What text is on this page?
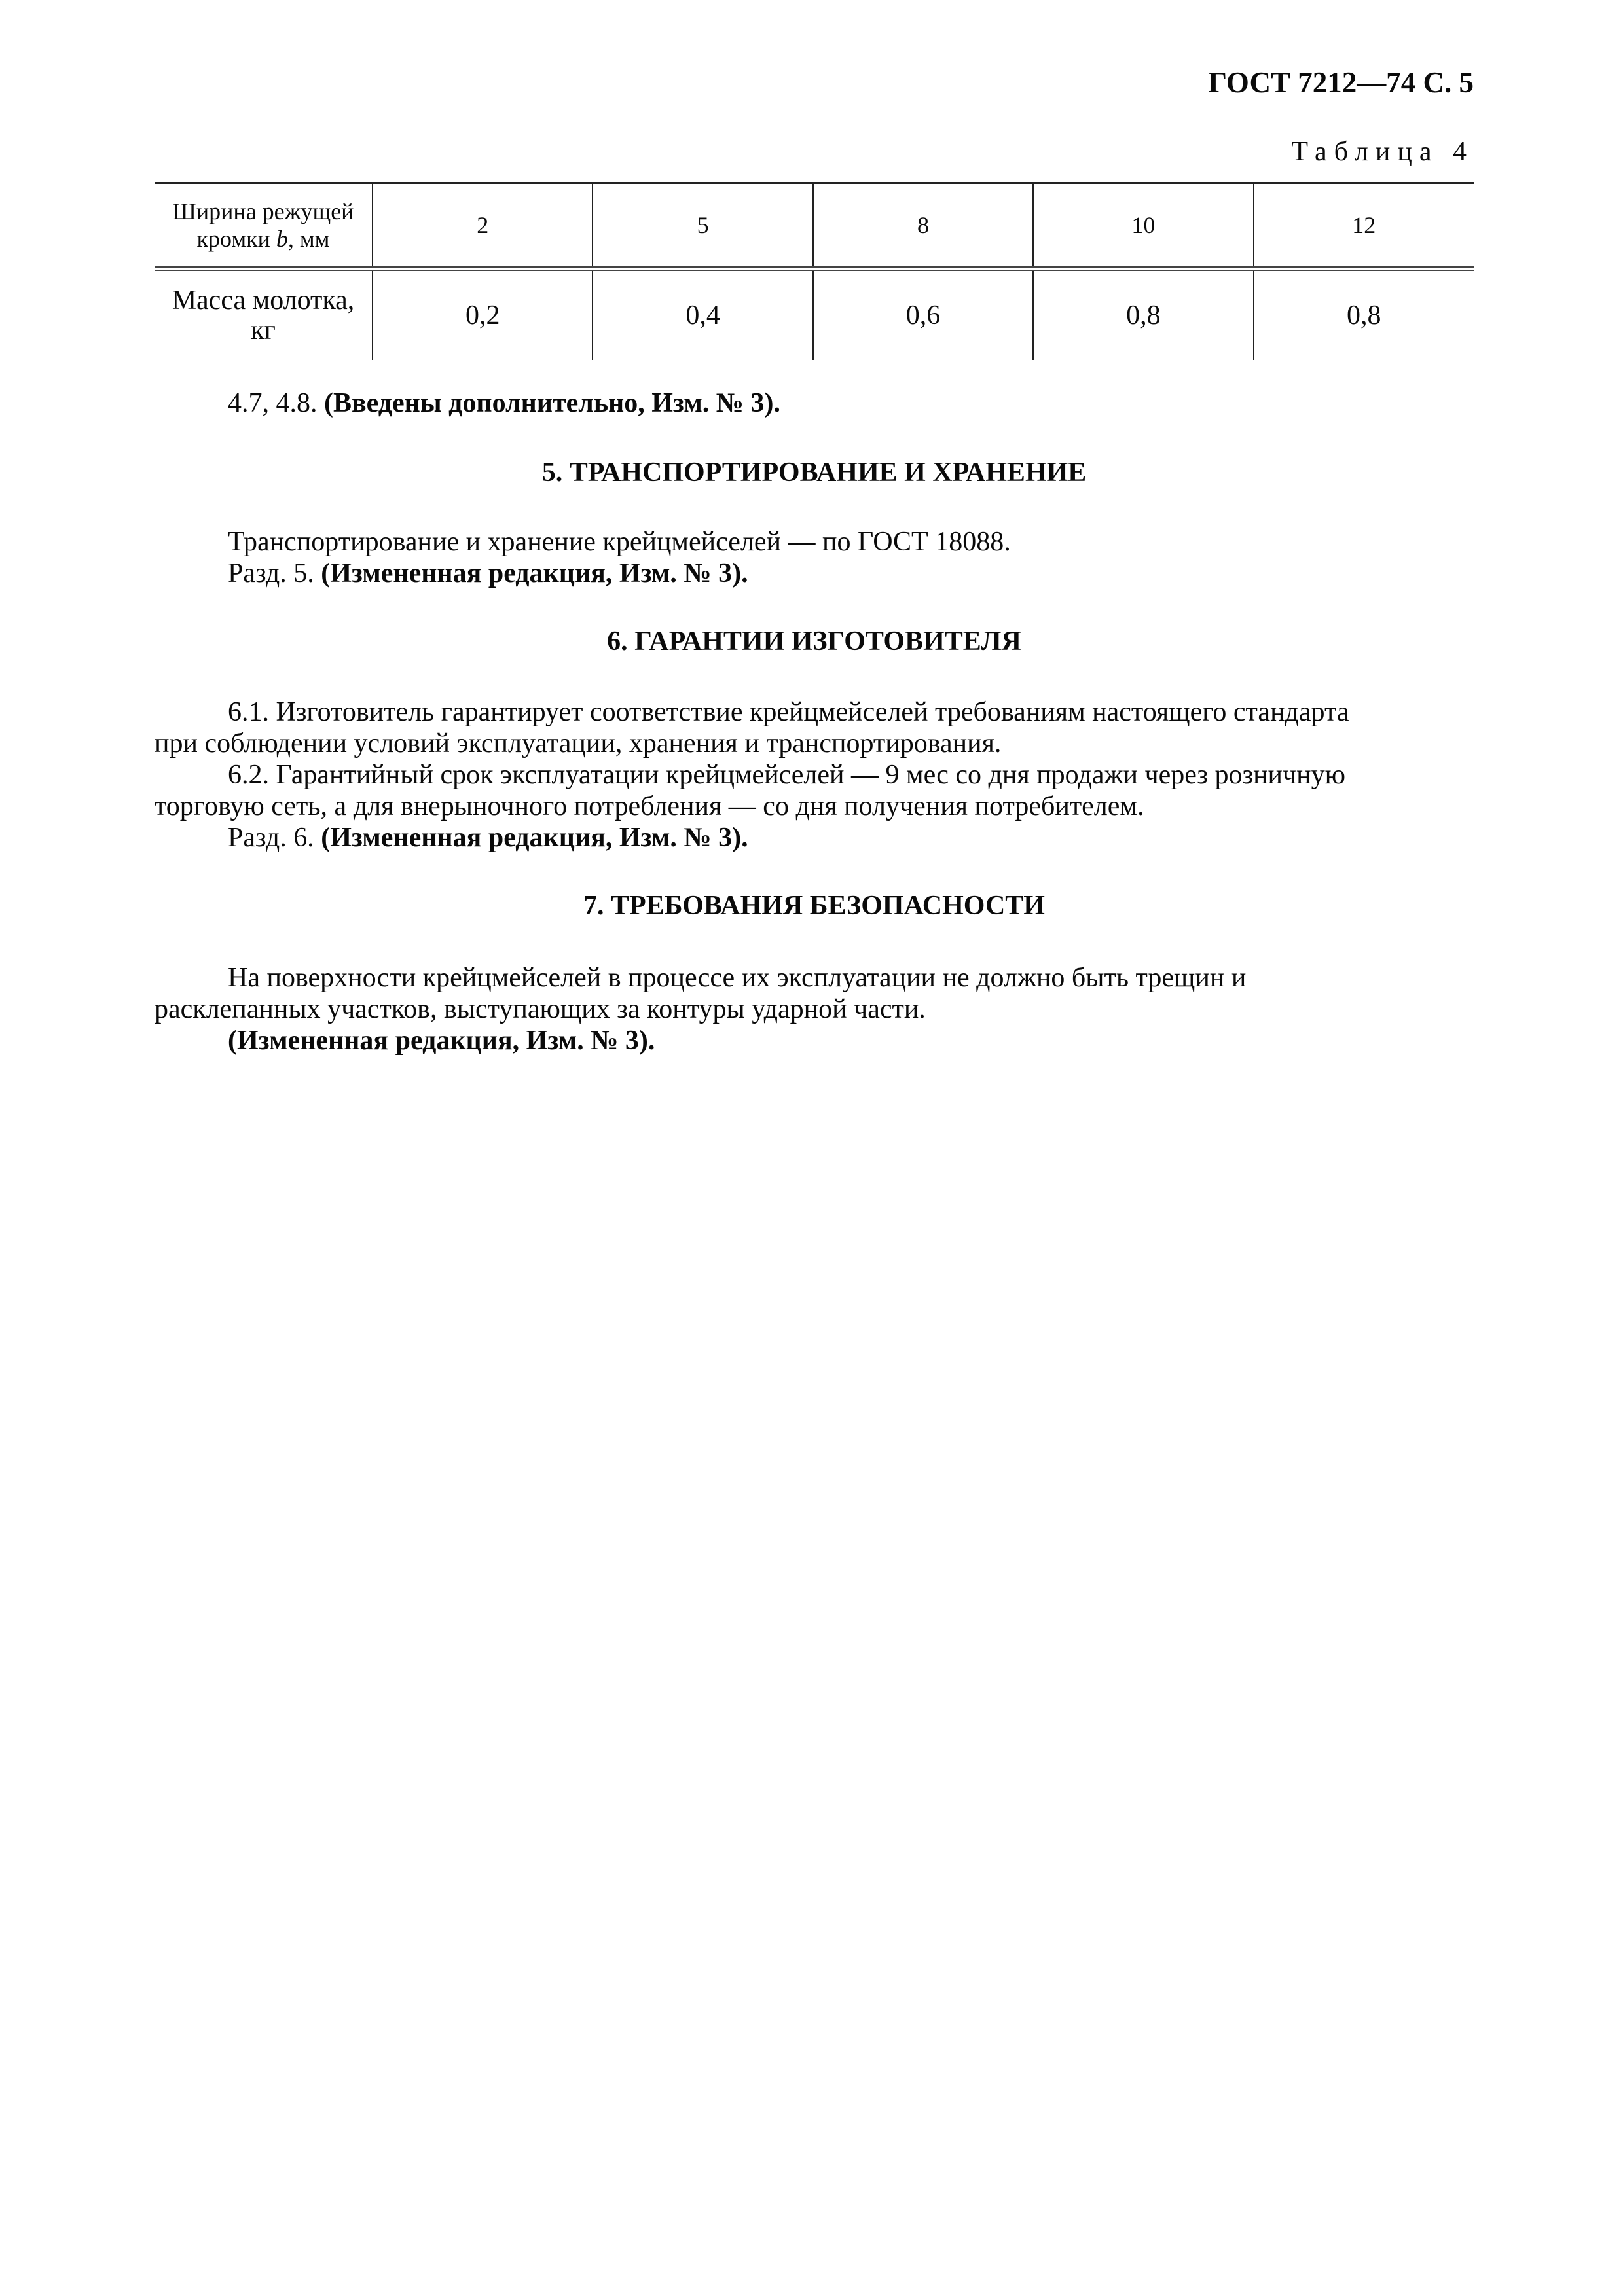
ГОСТ 7212—74 С. 5
Таблица 4
Ширина режущей
кромки b, мм	2	5	8	10	12
Масса молотка,
кг	0,2	0,4	0,6	0,8	0,8
4.7, 4.8. (Введены дополнительно, Изм. № 3).
5. ТРАНСПОРТИРОВАНИЕ И ХРАНЕНИЕ
Транспортирование и хранение крейцмейселей — по ГОСТ 18088.
Разд. 5. (Измененная редакция, Изм. № 3).
6. ГАРАНТИИ ИЗГОТОВИТЕЛЯ
6.1. Изготовитель гарантирует соответствие крейцмейселей требованиям настоящего стандарта
при соблюдении условий эксплуатации, хранения и транспортирования.
6.2. Гарантийный срок эксплуатации крейцмейселей — 9 мес со дня продажи через розничную
торговую сеть, а для внерыночного потребления — со дня получения потребителем.
Разд. 6. (Измененная редакция, Изм. № 3).
7. ТРЕБОВАНИЯ БЕЗОПАСНОСТИ
На поверхности крейцмейселей в процессе их эксплуатации не должно быть трещин и
расклепанных участков, выступающих за контуры ударной части.
(Измененная редакция, Изм. № 3).
